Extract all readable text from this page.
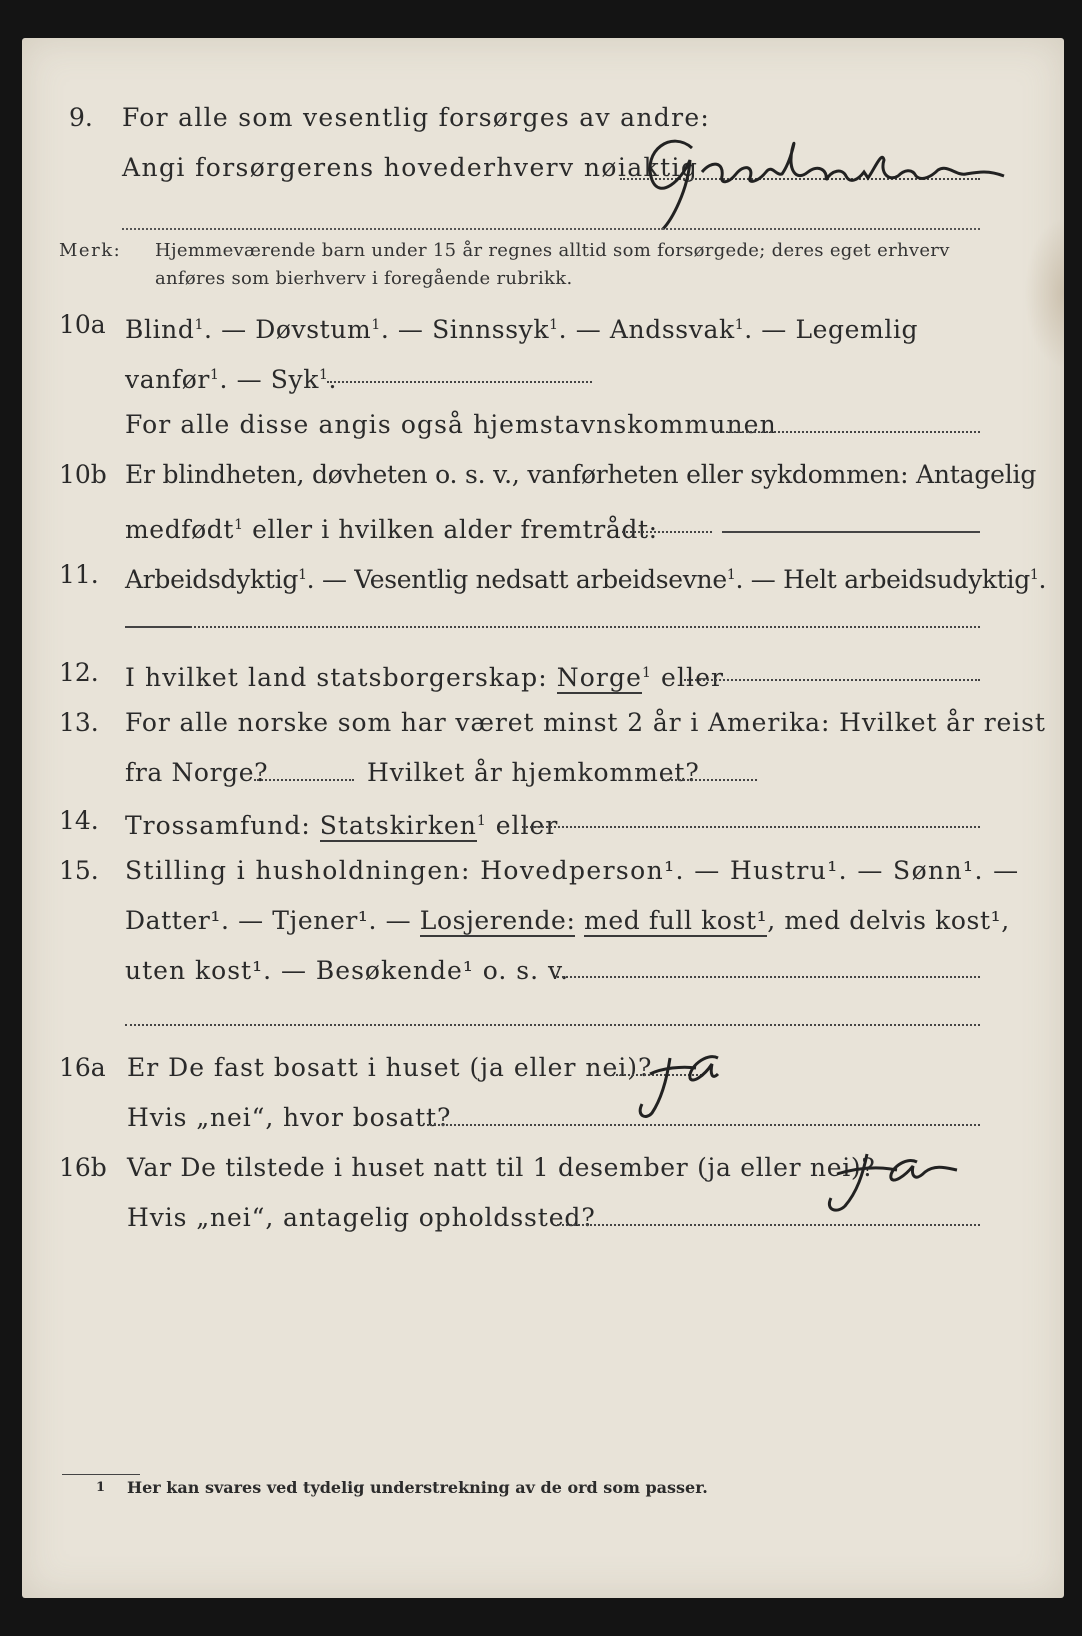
9. For alle som vesentlig forsørges av andre:
Angi forsørgerens hovederhverv nøiaktig
Merk: Hjemmeværende barn under 15 år regnes alltid som forsørgede; deres eget erhverv
anføres som bierhverv i foregående rubrikk.
10a Blind$^1$. — Døvstum$^1$. — Sinnssyk$^1$. — Andssvak$^1$. — Legemlig
vanfør$^1$. — Syk$^1$.
For alle disse angis også hjemstavnskommunen
10b Er blindheten, døvheten o. s. v., vanførheten eller sykdommen: Antagelig
medfødt$^1$ eller i hvilken alder fremtrådt:
11. Arbeidsdyktig$^1$. — Vesentlig nedsatt arbeidsevne$^1$. — Helt arbeidsudyktig$^1$.
12. I hvilket land statsborgerskap: Norge$^1$ eller
13. For alle norske som har været minst 2 år i Amerika: Hvilket år reist
fra Norge?	Hvilket år hjemkommet?
14. Trossamfund: Statskirken$^1$ eller
15. Stilling i husholdningen: Hovedperson¹. — Hustru¹. — Sønn¹. —
Datter¹. — Tjener¹. — Losjerende: med full kost¹, med delvis kost¹,
uten kost¹. — Besøkende¹ o. s. v.
16a Er De fast bosatt i huset (ja eller nei)?
Hvis „nei“, hvor bosatt?
16b Var De tilstede i huset natt til 1 desember (ja eller nei)?
Hvis „nei“, antagelig opholdssted?
1 Her kan svares ved tydelig understrekning av de ord som passer.
